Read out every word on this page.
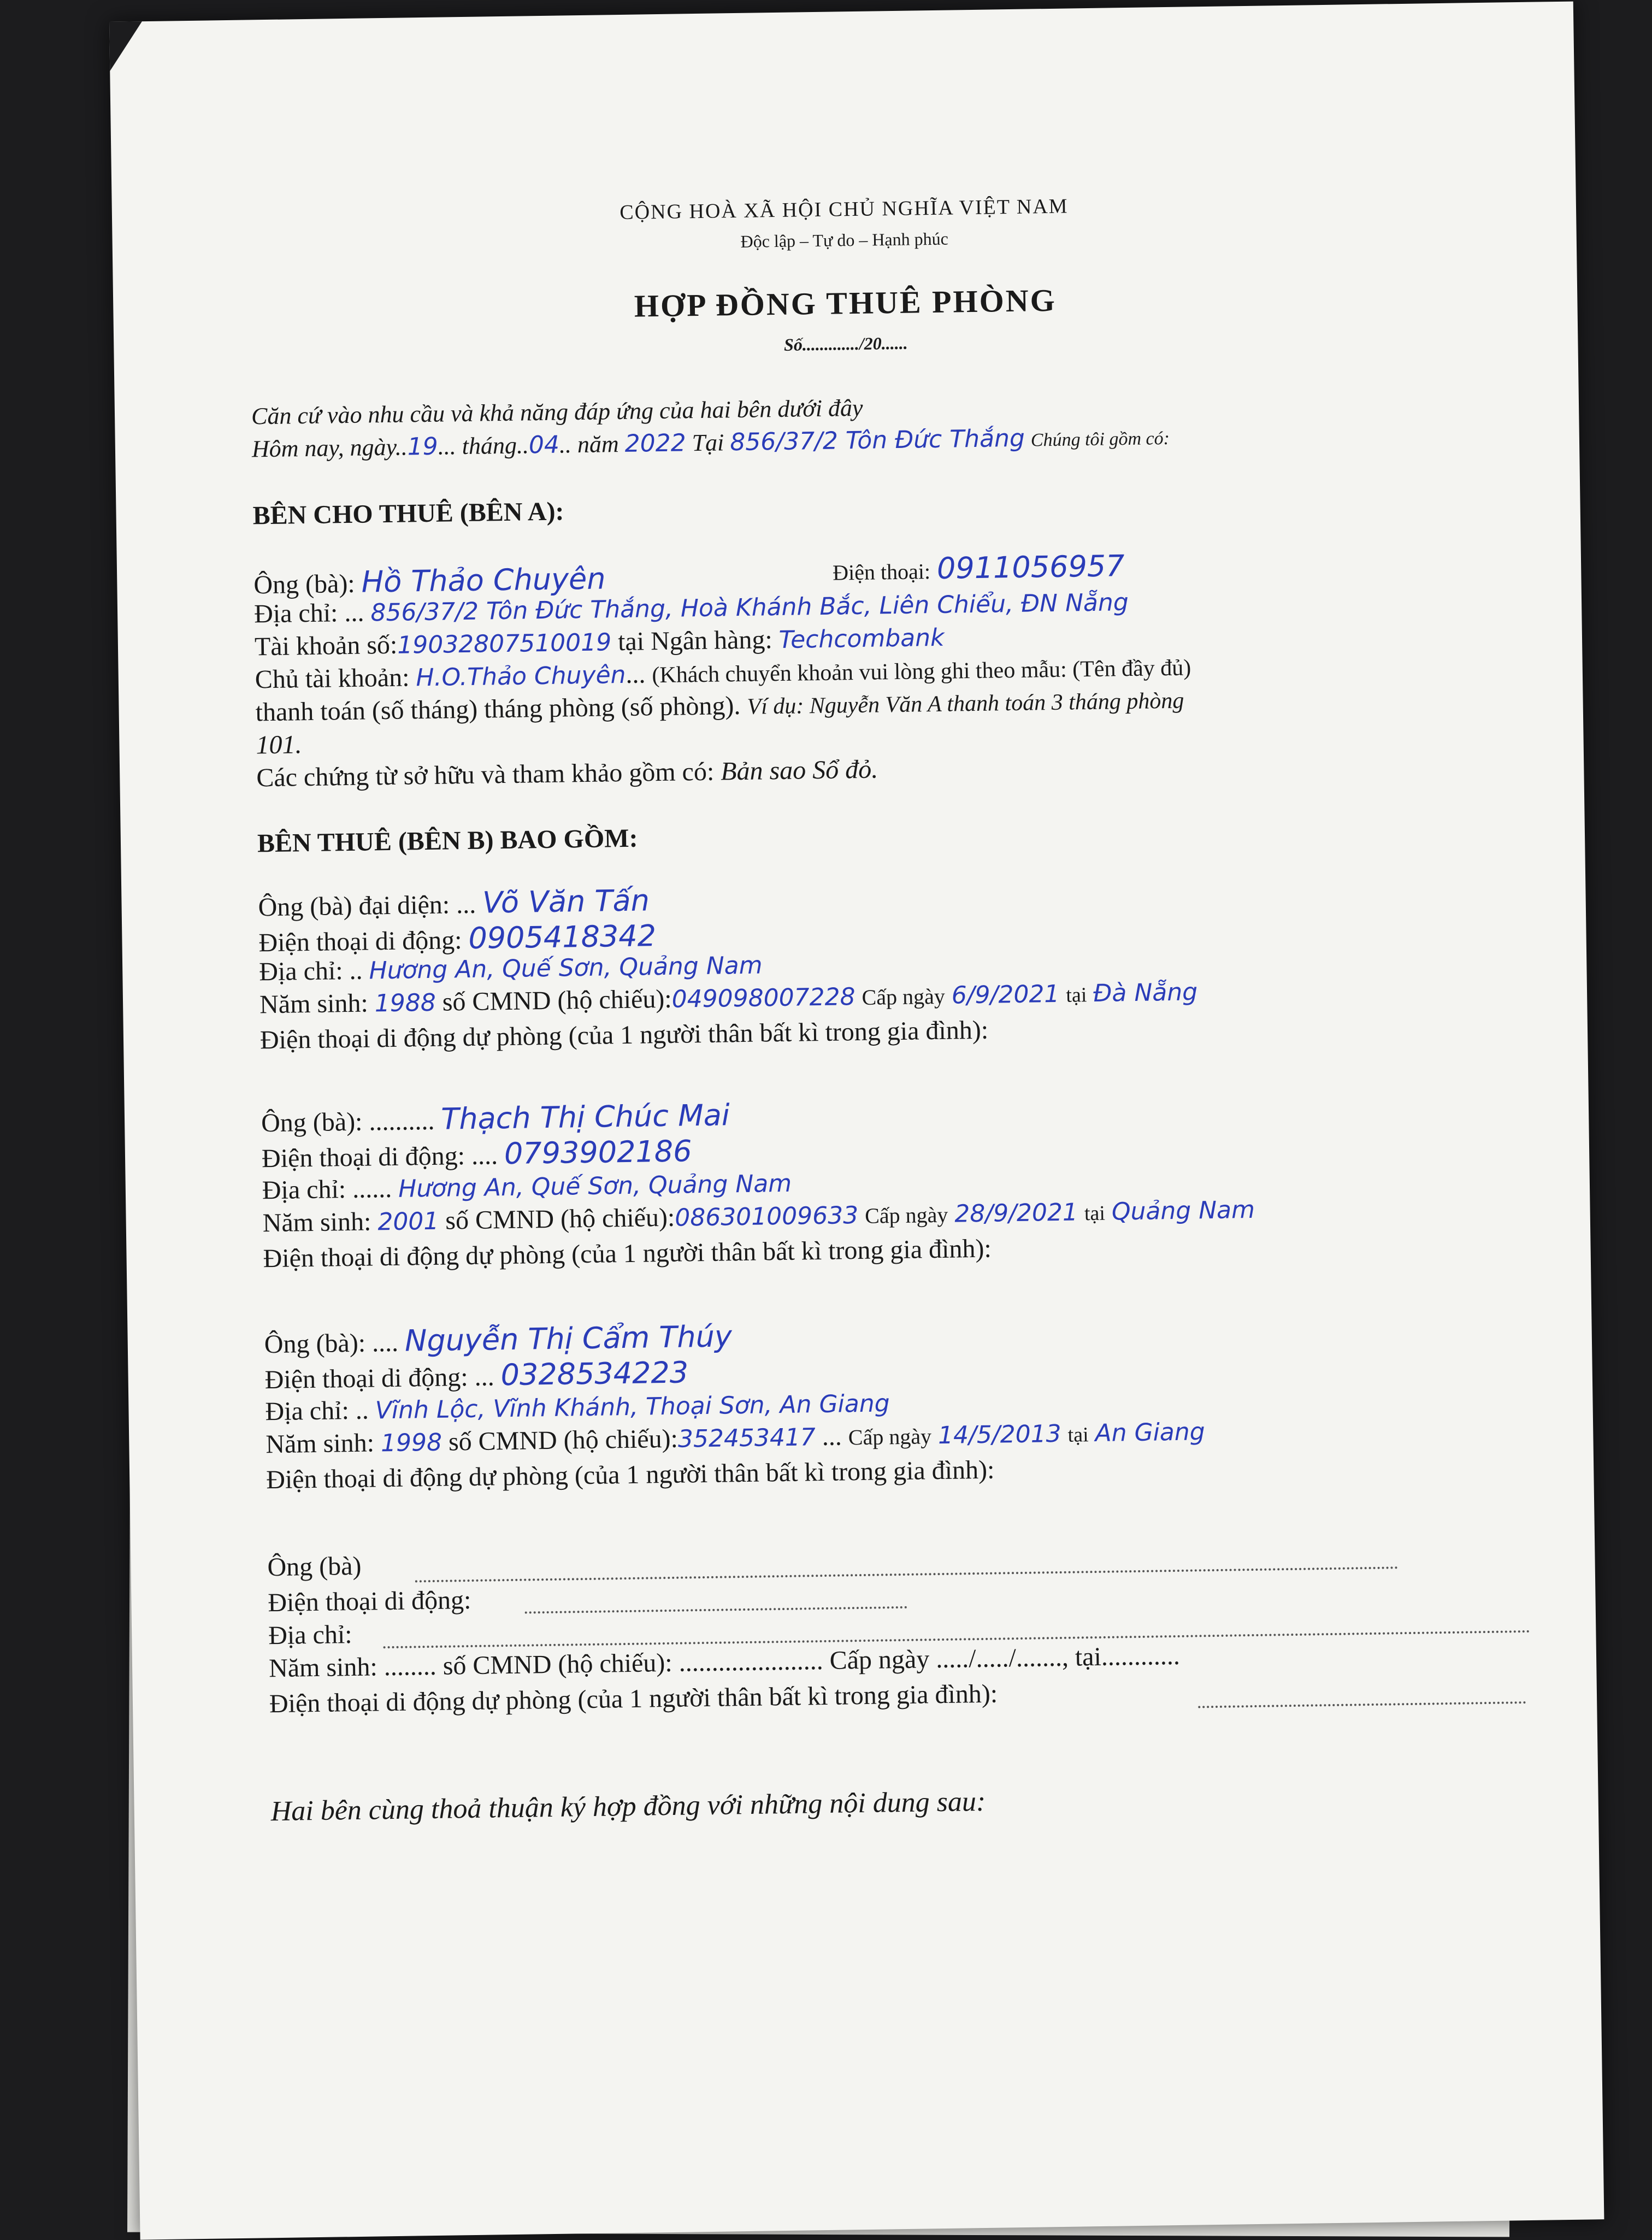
CỘNG HOÀ XÃ HỘI CHỦ NGHĨA VIỆT NAM
Độc lập – Tự do – Hạnh phúc
HỢP ĐỒNG THUÊ PHÒNG
Số............./20......
Căn cứ vào nhu cầu và khả năng đáp ứng của hai bên dưới đây
Hôm nay, ngày..19... tháng..04.. năm 2022 Tại 856/37/2 Tôn Đức Thắng Chúng tôi gồm có:
BÊN CHO THUÊ (BÊN A):
Ông (bà): Hồ Thảo Chuyên	Điện thoại: 0911056957
Địa chỉ: ... 856/37/2 Tôn Đức Thắng, Hoà Khánh Bắc, Liên Chiểu, ĐN Nẵng
Tài khoản số:19032807510019 tại Ngân hàng: Techcombank
Chủ tài khoản: H.O.Thảo Chuyên... (Khách chuyển khoản vui lòng ghi theo mẫu: (Tên đầy đủ)
thanh toán (số tháng) tháng phòng (số phòng). Ví dụ: Nguyễn Văn A thanh toán 3 tháng phòng
101.
Các chứng từ sở hữu và tham khảo gồm có: Bản sao Sổ đỏ.
BÊN THUÊ (BÊN B) BAO GỒM:
Ông (bà) đại diện: ... Võ Văn Tấn
Điện thoại di động: 0905418342
Địa chỉ: .. Hương An, Quế Sơn, Quảng Nam
Năm sinh: 1988 số CMND (hộ chiếu):049098007228 Cấp ngày 6/9/2021 tại Đà Nẵng
Điện thoại di động dự phòng (của 1 người thân bất kì trong gia đình):
Ông (bà): .......... Thạch Thị Chúc Mai
Điện thoại di động: .... 0793902186
Địa chỉ: ...... Hương An, Quế Sơn, Quảng Nam
Năm sinh: 2001 số CMND (hộ chiếu):086301009633 Cấp ngày 28/9/2021 tại Quảng Nam
Điện thoại di động dự phòng (của 1 người thân bất kì trong gia đình):
Ông (bà): .... Nguyễn Thị Cẩm Thúy
Điện thoại di động: ... 0328534223
Địa chỉ: .. Vĩnh Lộc, Vĩnh Khánh, Thoại Sơn, An Giang
Năm sinh: 1998 số CMND (hộ chiếu):352453417 ... Cấp ngày 14/5/2013 tại An Giang
Điện thoại di động dự phòng (của 1 người thân bất kì trong gia đình):
Ông (bà)
Điện thoại di động:
Địa chỉ:
Năm sinh: ........ số CMND (hộ chiếu): ...................... Cấp ngày ...../...../......., tại............
Điện thoại di động dự phòng (của 1 người thân bất kì trong gia đình):
Hai bên cùng thoả thuận ký hợp đồng với những nội dung sau:
